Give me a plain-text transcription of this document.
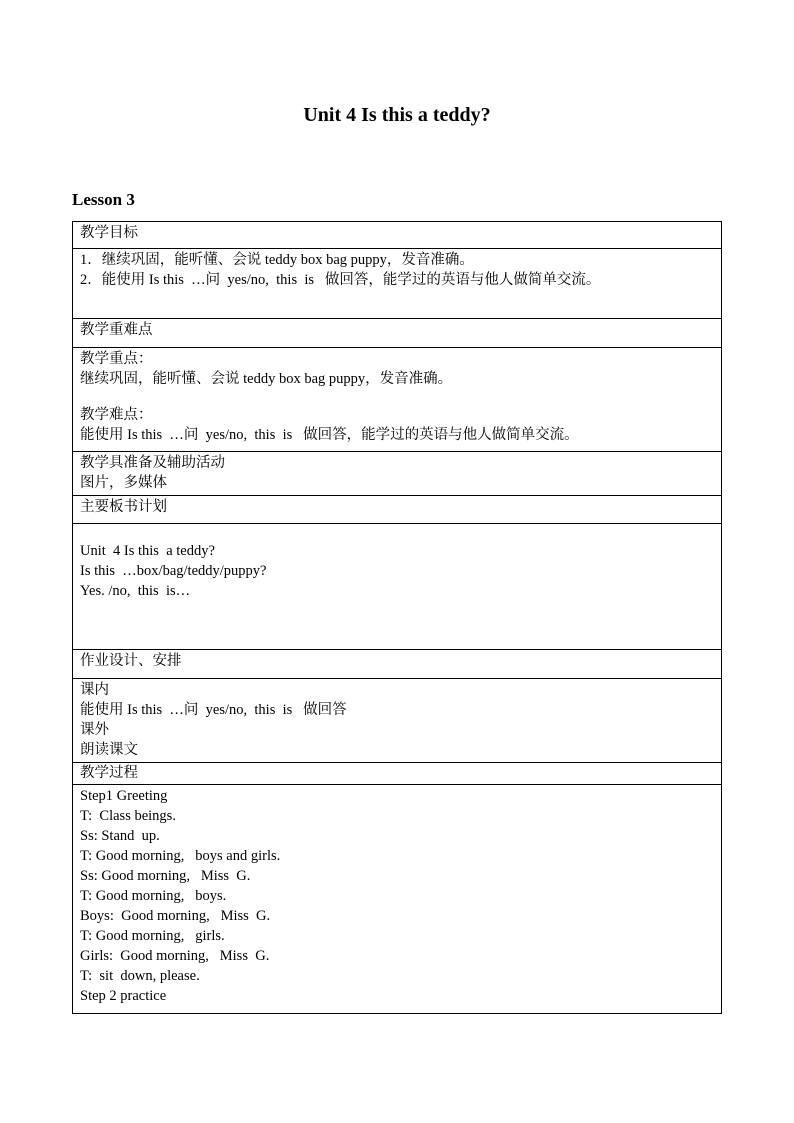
Unit 4 Is this a teddy?
Lesson 3
教学目标

1．继续巩固，能听懂、会说 teddy box bag puppy，发音准确。
2．能使用 Is this  …问  yes/no,  this  is   做回答，能学过的英语与他人做简单交流。

教学重难点

教学重点：
继续巩固，能听懂、会说 teddy box bag puppy，发音准确。
教学难点：
能使用 Is this  …问  yes/no,  this  is   做回答，能学过的英语与他人做简单交流。

教学具准备及辅助活动
图片，多媒体

主要板书计划

Unit  4 Is this  a teddy?
Is this  …box/bag/teddy/puppy?
Yes. /no,  this  is…

作业设计、安排

课内
能使用 Is this  …问  yes/no,  this  is   做回答
课外
朗读课文

教学过程

Step1 Greeting
T:  Class beings.
Ss: Stand  up.
T: Good morning,   boys and girls.
Ss: Good morning,   Miss  G.
T: Good morning,   boys.
Boys:  Good morning,   Miss  G.
T: Good morning,   girls.
Girls:  Good morning,   Miss  G.
T:  sit  down, please.
Step 2 practice
